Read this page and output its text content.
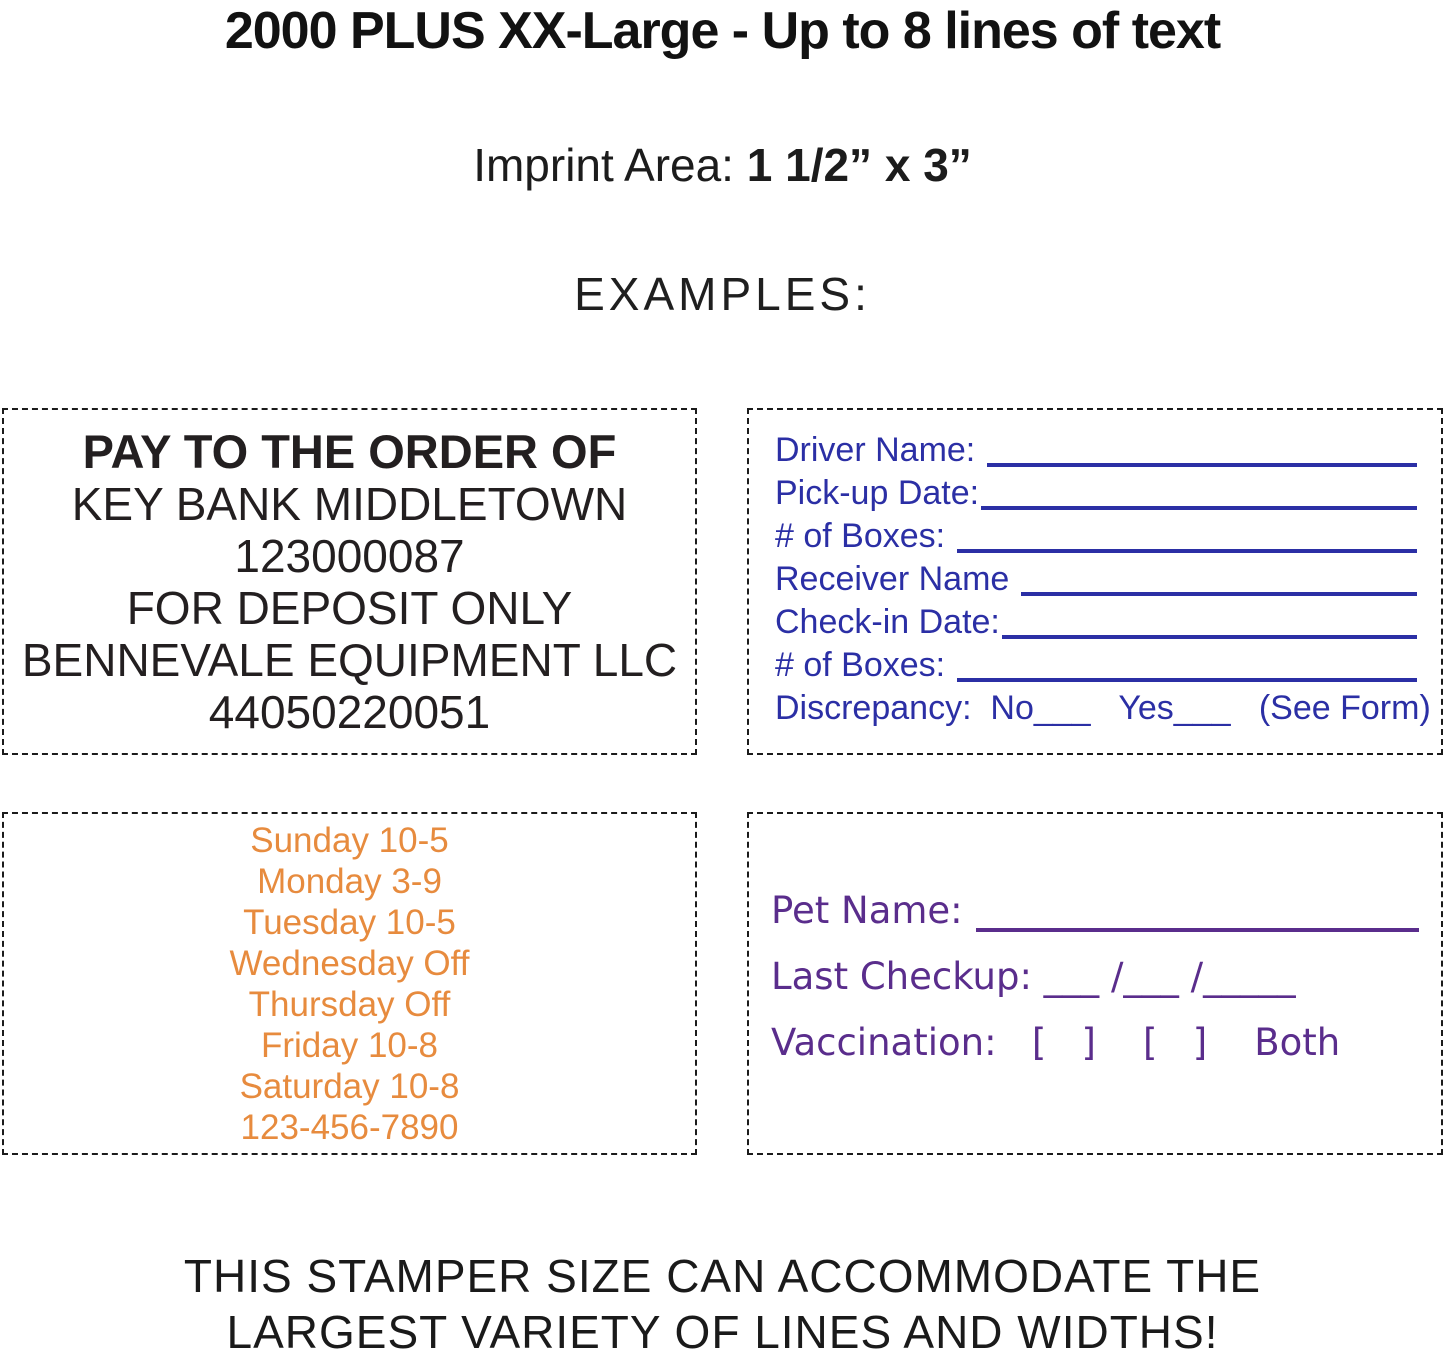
2000 PLUS XX-Large - Up to 8 lines of text
Imprint Area: 1 1/2” x 3”
EXAMPLES:
PAY TO THE ORDER OF
KEY BANK MIDDLETOWN
123000087
FOR DEPOSIT ONLY
BENNEVALE EQUIPMENT LLC
44050220051
Driver Name:
Pick-up Date:
# of Boxes:
Receiver Name
Check-in Date:
# of Boxes:
Discrepancy:  No___   Yes___   (See Form)
Sunday 10-5
Monday 3-9
Tuesday 10-5
Wednesday Off
Thursday Off
Friday 10-8
Saturday 10-8
123-456-7890
Pet Name:
Last Checkup: ___ /___ /_____
Vaccination:   [   ]    [   ]    Both
THIS STAMPER SIZE CAN ACCOMMODATE THE
LARGEST VARIETY OF LINES AND WIDTHS!
